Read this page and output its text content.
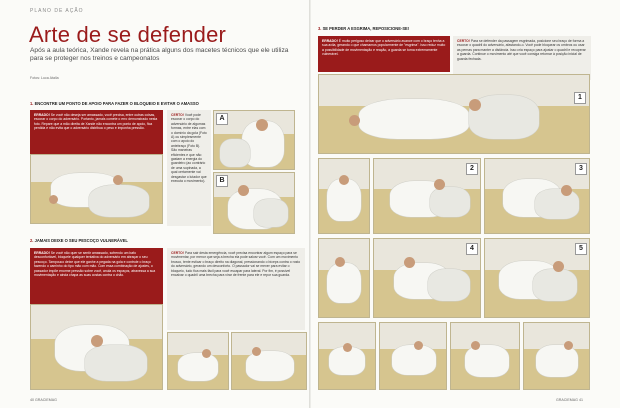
PLANO DE AÇÃO
Arte de se defender
Após a aula teórica, Xande revela na prática alguns dos macetes técnicos que ele utiliza para se proteger nos treinos e campeonatos
Fotos: Luca Atalla
1. ENCONTRE UM PONTO DE APOIO PARA FAZER O BLOQUEIO E EVITAR O AMASSO
ERRADO! Se você não deseja ser amassado, você precisa, entre outras coisas, escorar o corpo do adversário. Portanto, jamais comete o erro demonstrado nesta foto. Repare que a mão direita de Xande não encontra um ponto de apoio, fica perdida e não evita que o adversário distribua o peso e imponha pressão.
CERTO! Você pode escorar o corpo do adversário de algumas formas, entre elas com o domínio da gola (Foto A) ou simplesmente com o apoio do antebraço (Foto B). São maneiras eficientes e que não gastam a energia do guardeiro (ao contrário de uma supinada, a qual certamente vai desgastar o lutador que executa o movimento).
A
B
2. JAMAIS DEIXE O SEU PESCOÇO VULNERÁVEL
ERRADO! Se você não quer se sentir amassado, sofrendo um bafo desconfortável, bloqueie qualquer tentativa do adversário em abraçar o seu pescoço. Tampouco deixe que ele ganhe a pegada na gola e controle o braço fazendo o caminho do tipo mão com mão. Com essa combinação de ajustes, o passador impõe enorme pressão sobre você, anula os espaços, atravessa a sua movimentação e ainda chapa as suas costas contra o chão.
CERTO! Para sair desta emergência, você precisa encontrar algum espaço para se movimentar, por menor que seja a brecha ela pode salvar você. Com um movimento brusco, tente esticar o braço direito na diagonal, pressionando o bíceps contra o rosto do adversário, gerando um desconforto. O passador vai se mexer para evitar o bloqueio, tudo fica mais fácil para você escapar para lateral. Por fim, é possível encaixar o quadril uma brecha para virar de frente para ele e repor sua guarda.
40 GRACIEMAG
3. SE PERDER A ESGRIMA, REPOSICIONE-SE!
ERRADO! É muito perigoso deixar que o adversário avance com o braço tenha a sua axila, gerando o que chamamos popularmente de "esgrima". Isso reduz muito a possibilidade de movimentação e reação, a guarda se torna extremamente vulnerável.
CERTO! Para se defender da passagem esgrimada, posicione seu braço de forma a escorar o quadril do adversário, afastando-o. Você pode bloquear os ombros ou usar as pernas para manter a distância. Isso cria espaço para ajustar o quadril e recuperar a guarda. Continue o movimento até que você consiga retornar à posição inicial de guarda fechada.
1
2	3
4	5
GRACIEMAG 41
